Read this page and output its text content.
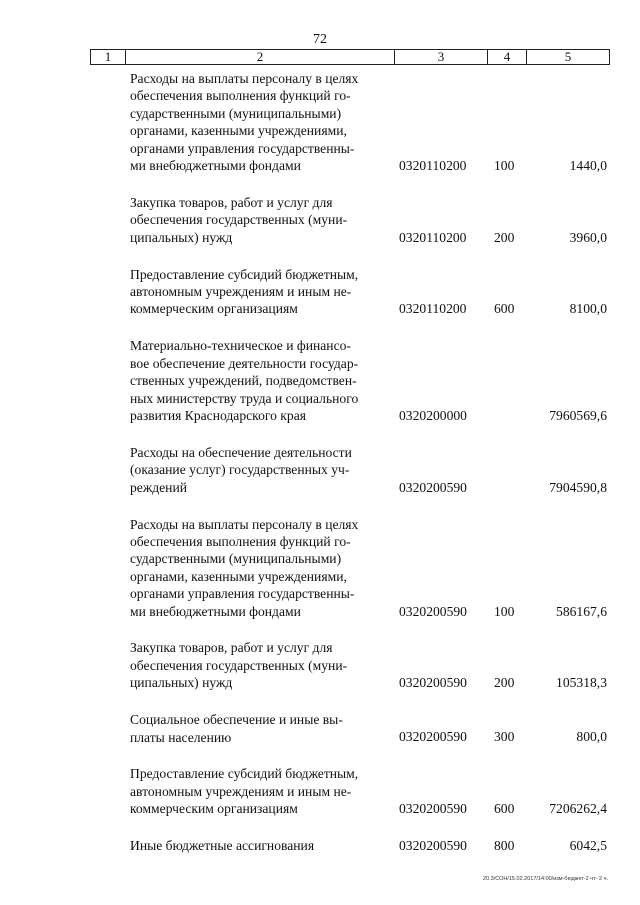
72
1	2	3	4	5
Расходы на выплаты персоналу в целях
обеспечения выполнения функций го-
сударственными (муниципальными)
органами, казенными учреждениями,
органами управления государственны-
ми внебюджетными фондами	0320110200 100	1440,0
Закупка товаров, работ и услуг для
обеспечения государственных (муни-
ципальных) нужд	0320110200 200	3960,0
Предоставление субсидий бюджетным,
автономным учреждениям и иным не-
коммерческим организациям	0320110200 600	8100,0
Материально-техническое и финансо-
вое обеспечение деятельности государ-
ственных учреждений, подведомствен-
ных министерству труда и социального
развития Краснодарского края	0320200000	7960569,6
Расходы на обеспечение деятельности
(оказание услуг) государственных уч-
реждений	0320200590	7904590,8
Расходы на выплаты персоналу в целях
обеспечения выполнения функций го-
сударственными (муниципальными)
органами, казенными учреждениями,
органами управления государственны-
ми внебюджетными фондами	0320200590 100	586167,6
Закупка товаров, работ и услуг для
обеспечения государственных (муни-
ципальных) нужд	0320200590 200	105318,3
Социальное обеспечение и иные вы-
платы населению	0320200590 300	800,0
Предоставление субсидий бюджетным,
автономным учреждениям и иным не-
коммерческим организациям	0320200590 600	7206262,4
Иные бюджетные ассигнования	0320200590 800	6042,5
20.3/СОН/15.02.2017/14:00/изм-бюджет-2 чт- 2 ч.
